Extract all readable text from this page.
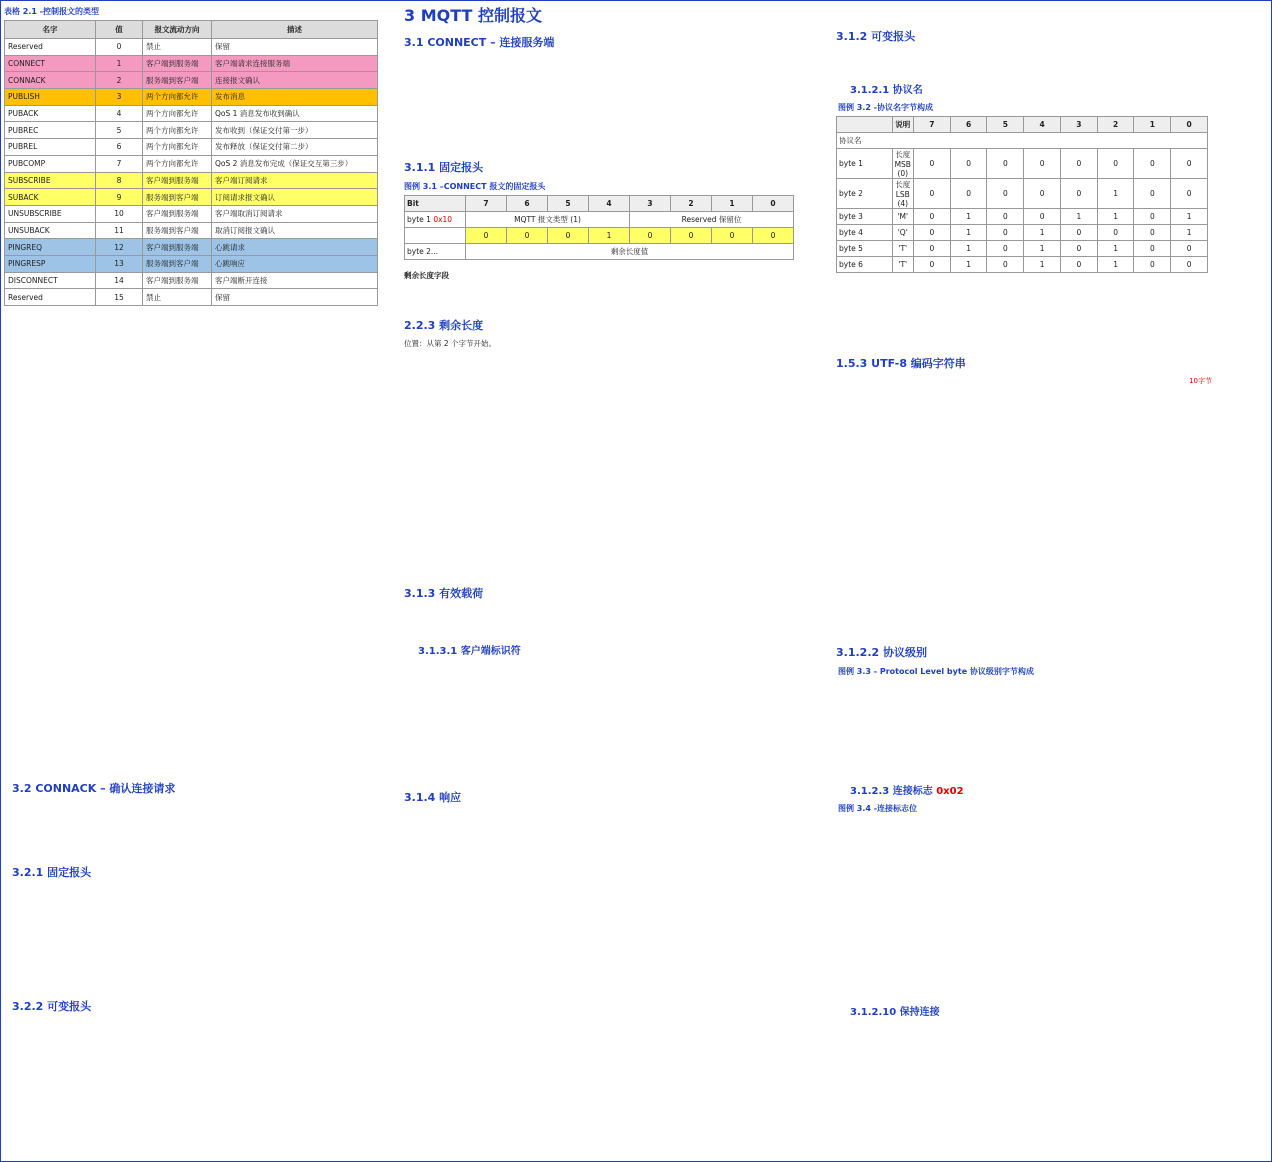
表格 2.1 -控制报文的类型
名字	值	报文流动方向	描述
Reserved	0	禁止	保留
CONNECT	1	客户端到服务端	客户端请求连接服务端
CONNACK	2	服务端到客户端	连接报文确认
PUBLISH	3	两个方向都允许	发布消息
PUBACK	4	两个方向都允许	QoS 1 消息发布收到确认
PUBREC	5	两个方向都允许	发布收到（保证交付第一步）
PUBREL	6	两个方向都允许	发布释放（保证交付第二步）
PUBCOMP	7	两个方向都允许	QoS 2 消息发布完成（保证交互第三步）
SUBSCRIBE	8	客户端到服务端	客户端订阅请求
SUBACK	9	服务端到客户端	订阅请求报文确认
UNSUBSCRIBE	10	客户端到服务端	客户端取消订阅请求
UNSUBACK	11	服务端到客户端	取消订阅报文确认
PINGREQ	12	客户端到服务端	心跳请求
PINGRESP	13	服务端到客户端	心跳响应
DISCONNECT	14	客户端到服务端	客户端断开连接
Reserved	15	禁止	保留
3 MQTT 控制报文
3.1 CONNECT – 连接服务端
3.1.1 固定报头
图例 3.1 –CONNECT 报文的固定报头
Bit	7	6	5	4	3	2	1	0
byte 1 0x10	MQTT 报文类型 (1)				Reserved 保留位			
	0	0	0	1	0	0	0	0
byte 2...	剩余长度值							
剩余长度字段
2.2.3 剩余长度
位置：从第 2 个字节开始。
3.1.3 有效载荷
3.1.3.1 客户端标识符
3.1.4 响应
3.1.2 可变报头
3.1.2.1 协议名
图例 3.2 -协议名字节构成
	说明	7	6	5	4	3	2	1	0
协议名									
byte 1	长度 MSB (0)	0	0	0	0	0	0	0	0
byte 2	长度 LSB (4)	0	0	0	0	0	1	0	0
byte 3	'M'	0	1	0	0	1	1	0	1
byte 4	'Q'	0	1	0	1	0	0	0	1
byte 5	'T'	0	1	0	1	0	1	0	0
byte 6	'T'	0	1	0	1	0	1	0	0
1.5.3 UTF-8 编码字符串
10字节
3.1.2.2 协议级别
图例 3.3 - Protocol Level byte 协议级别字节构成
3.1.2.3 连接标志 0x02
图例 3.4 -连接标志位
3.1.2.10 保持连接
3.2 CONNACK – 确认连接请求
3.2.1 固定报头
3.2.2 可变报头
